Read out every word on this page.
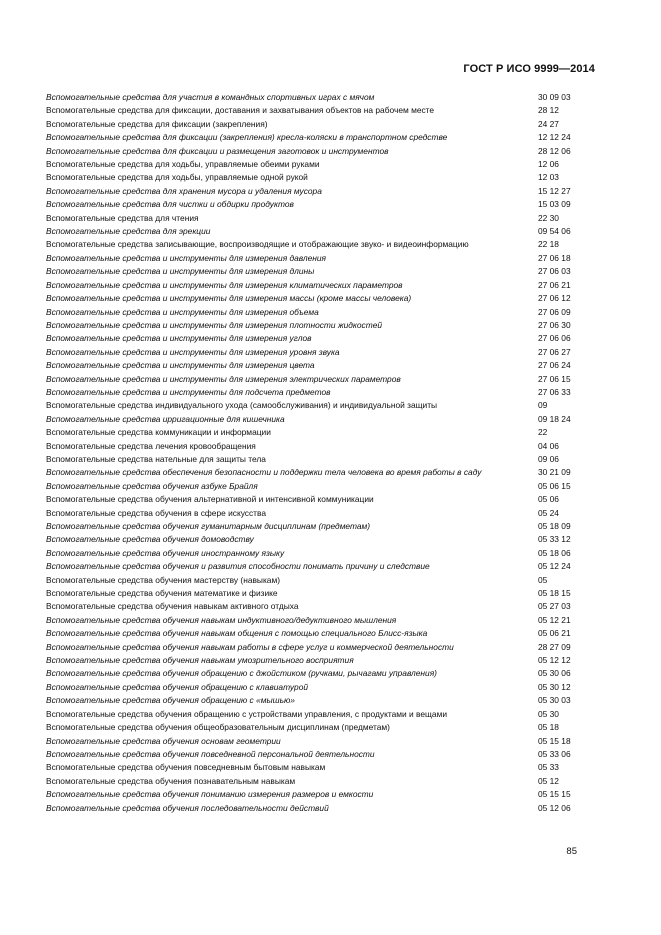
ГОСТ Р ИСО 9999—2014
Вспомогательные средства для участия в командных спортивных играх с мячом	30 09 03
Вспомогательные средства для фиксации, доставания и захватывания объектов на рабочем месте	28 12
Вспомогательные средства для фиксации (закрепления)	24 27
Вспомогательные средства для фиксации (закрепления) кресла-коляски в транспортном средстве	12 12 24
Вспомогательные средства для фиксации и размещения заготовок и инструментов	28 12 06
Вспомогательные средства для ходьбы, управляемые обеими руками	12 06
Вспомогательные средства для ходьбы, управляемые одной рукой	12 03
Вспомогательные средства для хранения мусора и удаления мусора	15 12 27
Вспомогательные средства для чистки и обдирки продуктов	15 03 09
Вспомогательные средства для чтения	22 30
Вспомогательные средства для эрекции	09 54 06
Вспомогательные средства записывающие, воспроизводящие и отображающие звуко- и видеоинформацию	22 18
Вспомогательные средства и инструменты для измерения давления	27 06 18
Вспомогательные средства и инструменты для измерения длины	27 06 03
Вспомогательные средства и инструменты для измерения климатических параметров	27 06 21
Вспомогательные средства и инструменты для измерения массы (кроме массы человека)	27 06 12
Вспомогательные средства и инструменты для измерения объема	27 06 09
Вспомогательные средства и инструменты для измерения плотности жидкостей	27 06 30
Вспомогательные средства и инструменты для измерения углов	27 06 06
Вспомогательные средства и инструменты для измерения уровня звука	27 06 27
Вспомогательные средства и инструменты для измерения цвета	27 06 24
Вспомогательные средства и инструменты для измерения электрических параметров	27 06 15
Вспомогательные средства и инструменты для подсчета предметов	27 06 33
Вспомогательные средства индивидуального ухода (самообслуживания) и индивидуальной защиты	09
Вспомогательные средства ирригационные для кишечника	09 18 24
Вспомогательные средства коммуникации и информации	22
Вспомогательные средства лечения кровообращения	04 06
Вспомогательные средства нательные для защиты тела	09 06
Вспомогательные средства обеспечения безопасности и поддержки тела человека во время работы в саду	30 21 09
Вспомогательные средства обучения азбуке Брайля	05 06 15
Вспомогательные средства обучения альтернативной и интенсивной коммуникации	05 06
Вспомогательные средства обучения в сфере искусства	05 24
Вспомогательные средства обучения гуманитарным дисциплинам (предметам)	05 18 09
Вспомогательные средства обучения домоводству	05 33 12
Вспомогательные средства обучения иностранному языку	05 18 06
Вспомогательные средства обучения и развития способности понимать причину и следствие	05 12 24
Вспомогательные средства обучения мастерству (навыкам)	05
Вспомогательные средства обучения математике и физике	05 18 15
Вспомогательные средства обучения навыкам активного отдыха	05 27 03
Вспомогательные средства обучения навыкам индуктивного/дедуктивного мышления	05 12 21
Вспомогательные средства обучения навыкам общения с помощью специального Блисс-языка	05 06 21
Вспомогательные средства обучения навыкам работы в сфере услуг и коммерческой деятельности	28 27 09
Вспомогательные средства обучения навыкам умозрительного восприятия	05 12 12
Вспомогательные средства обучения обращению с джойстиком (ручками, рычагами управления)	05 30 06
Вспомогательные средства обучения обращению с клавиатурой	05 30 12
Вспомогательные средства обучения обращению с «мышью»	05 30 03
Вспомогательные средства обучения обращению с устройствами управления, с продуктами и вещами	05 30
Вспомогательные средства обучения общеобразовательным дисциплинам (предметам)	05 18
Вспомогательные средства обучения основам геометрии	05 15 18
Вспомогательные средства обучения повседневной персональной деятельности	05 33 06
Вспомогательные средства обучения повседневным бытовым навыкам	05 33
Вспомогательные средства обучения познавательным навыкам	05 12
Вспомогательные средства обучения пониманию измерения размеров и емкости	05 15 15
Вспомогательные средства обучения последовательности действий	05 12 06
85
